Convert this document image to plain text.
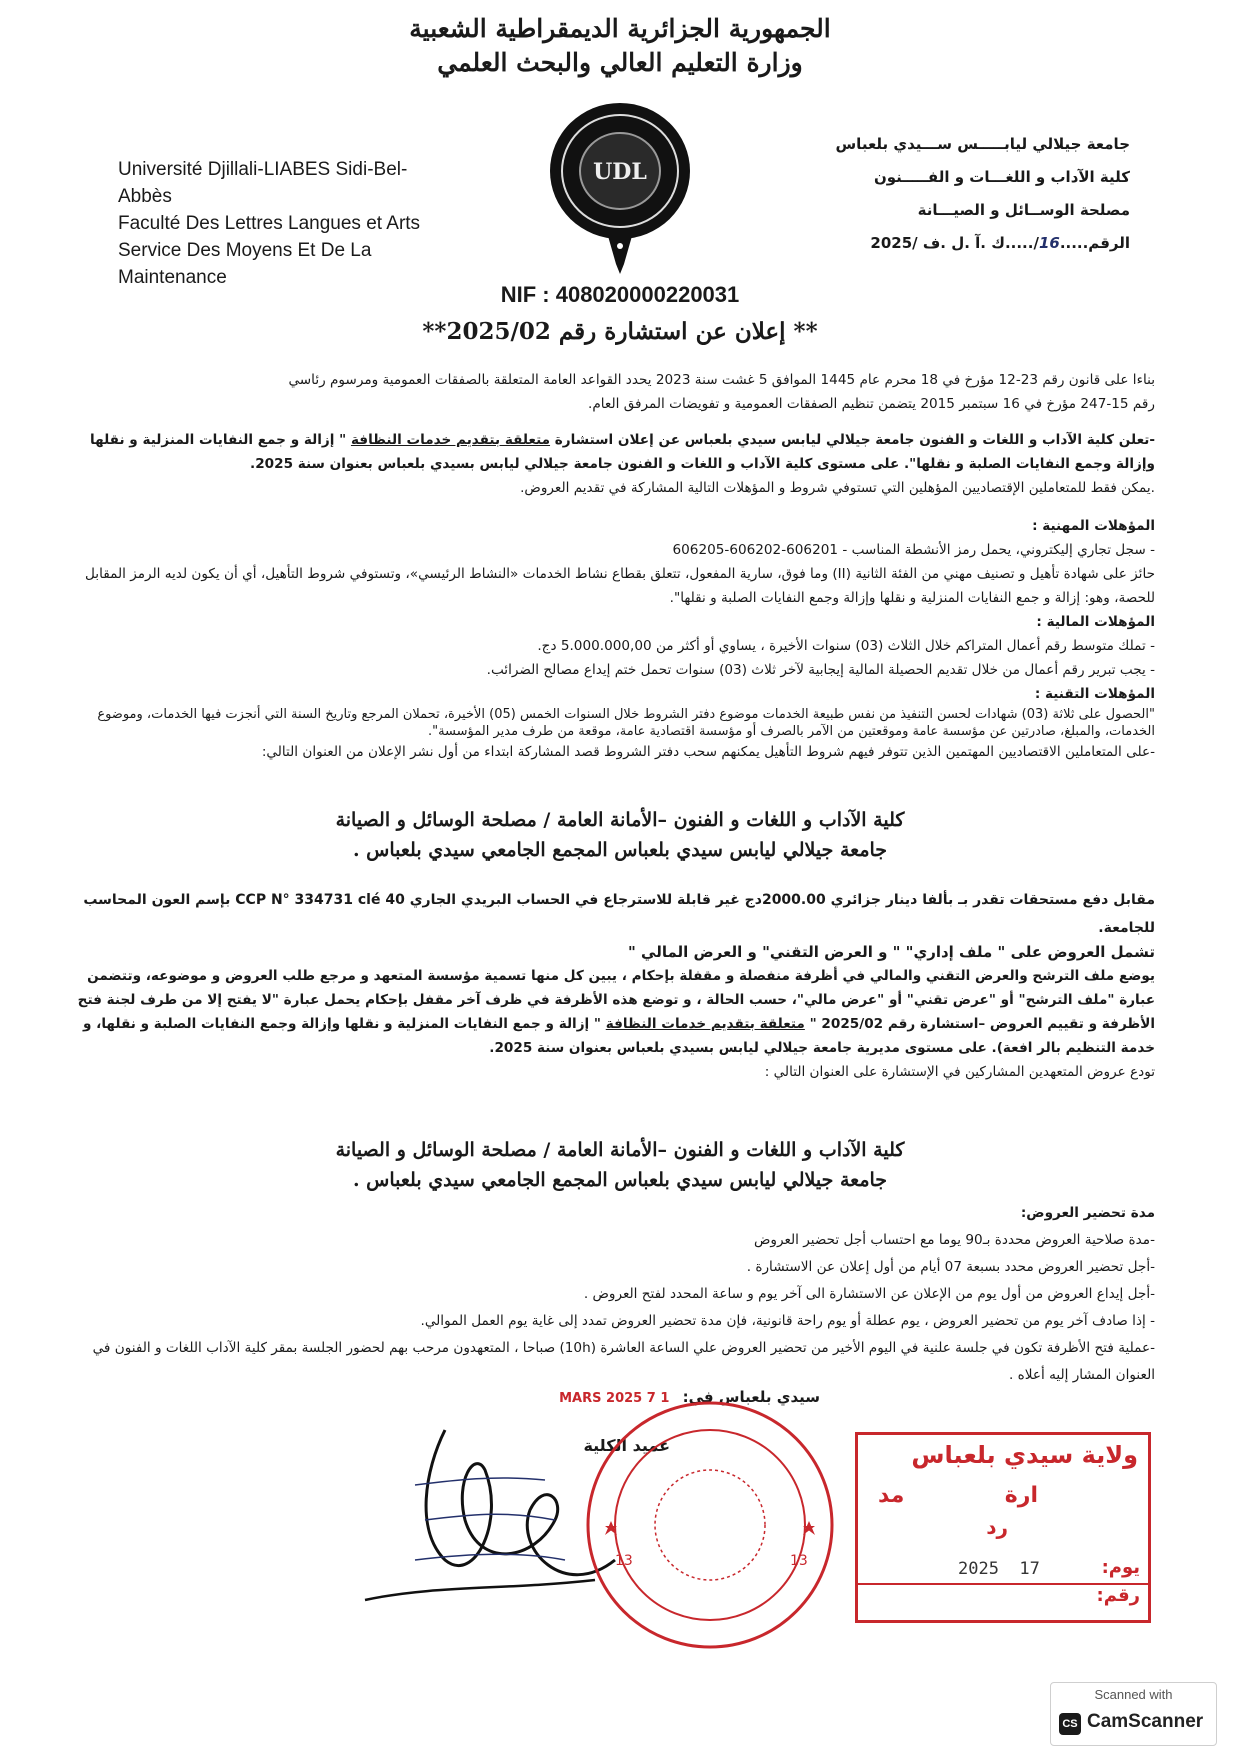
الجمهورية الجزائرية الديمقراطية الشعبية
وزارة التعليم العالي والبحث العلمي
Université Djillali-LIABES Sidi-Bel-Abbès
Faculté Des Lettres Langues et Arts
Service Des Moyens Et De La Maintenance
UDL
جامعة جيلالي ليابـــــس ســـيدي بلعباس
كلية الآداب و اللغـــات و الفـــــنون
مصلحة الوســائل و الصيـــانة
الرقم.....16/.....ك .آ .ل .ف /2025
NIF : 408020000220031
** إعلان عن استشارة رقم 2025/02**

بناءا على قانون رقم 23-12 مؤرخ في 18 محرم عام 1445 الموافق 5 غشت سنة 2023 يحدد القواعد العامة المتعلقة بالصفقات العمومية ومرسوم رئاسي

رقم 15-247 مؤرخ في 16 سبتمبر 2015 يتضمن تنظيم الصفقات العمومية و تفويضات المرفق العام.

-تعلن كلية الآداب و اللغات و الفنون جامعة جيلالي ليابس سيدي بلعباس عن إعلان استشارة متعلقة بتقديم خدمات النظافة " إزالة و جمع النفايات المنزلية و نقلها وإزالة وجمع النفايات الصلبة و نقلها". على مستوى كلية الآداب و اللغات و الفنون جامعة جيلالي ليابس بسيدي بلعباس بعنوان سنة 2025.

.يمكن فقط للمتعاملين الإقتصاديين المؤهلين التي تستوفي شروط و المؤهلات التالية المشاركة في تقديم العروض.

المؤهلات المهنية :

- سجل تجاري إليكتروني، يحمل رمز الأنشطة المناسب - 606201-606202-606205

حائز على شهادة تأهيل و تصنيف مهني من الفئة الثانية (II) وما فوق، سارية المفعول، تتعلق بقطاع نشاط الخدمات «النشاط الرئيسي»، وتستوفي شروط التأهيل، أي أن يكون لديه الرمز المقابل للحصة، وهو: إزالة و جمع النفايات المنزلية و نقلها وإزالة وجمع النفايات الصلبة و نقلها".

المؤهلات المالية :

- تملك متوسط رقم أعمال المتراكم خلال الثلاث (03) سنوات الأخيرة ، يساوي أو أكثر من 5.000.000,00 دج.

- يجب تبرير رقم أعمال من خلال تقديم الحصيلة المالية إيجابية لآخر ثلاث (03) سنوات تحمل ختم إيداع مصالح الضرائب.

المؤهلات التقنية :

"الحصول على ثلاثة (03) شهادات لحسن التنفيذ من نفس طبيعة الخدمات موضوع دفتر الشروط خلال السنوات الخمس (05) الأخيرة، تحملان المرجع وتاريخ السنة التي أنجزت فيها الخدمات، وموضوع الخدمات، والمبلغ، صادرتين عن مؤسسة عامة وموقعتين من الآمر بالصرف أو مؤسسة اقتصادية عامة، موقعة من طرف مدير المؤسسة".

-على المتعاملين الاقتصاديين المهتمين الذين تتوفر فيهم شروط التأهيل يمكنهم سحب دفتر الشروط قصد المشاركة ابتداء من أول نشر الإعلان من العنوان التالي:

كلية الآداب و اللغات و الفنون –الأمانة العامة / مصلحة الوسائل و الصيانة
جامعة جيلالي ليابس سيدي بلعباس المجمع الجامعي سيدي بلعباس .
مقابل دفع مستحقات تقدر بـ بألفا دينار جزائري 2000.00دج غير قابلة للاسترجاع في الحساب البريدي الجاري CCP N° 334731 clé 40 بإسم العون المحاسب للجامعة.

تشمل العروض على " ملف إداري" " و العرض التقني" و العرض المالي "

يوضع ملف الترشح والعرض التقني والمالي في أظرفة منفصلة و مقفلة بإحكام ، يبين كل منها تسمية مؤسسة المتعهد و مرجع طلب العروض و موضوعه، وتتضمن عبارة "ملف الترشح" أو "عرض تقني" أو "عرض مالي"، حسب الحالة ، و توضع هذه الأظرفة في ظرف آخر مقفل بإحكام يحمل عبارة "لا يفتح إلا من طرف لجنة فتح الأظرفة و تقييم العروض –استشارة رقم 2025/02 " متعلقة بتقديم خدمات النظافة " إزالة و جمع النفايات المنزلية و نقلها وإزالة وجمع النفايات الصلبة و نقلها، و خدمة التنظيم بالر افعة). على مستوى مديرية جامعة جيلالي ليابس بسيدي بلعباس بعنوان سنة 2025.

تودع عروض المتعهدين المشاركين في الإستشارة على العنوان التالي :

كلية الآداب و اللغات و الفنون –الأمانة العامة / مصلحة الوسائل و الصيانة
جامعة جيلالي ليابس سيدي بلعباس المجمع الجامعي سيدي بلعباس .

مدة تحضير العروض:

-مدة صلاحية العروض محددة بـ90 يوما مع احتساب أجل تحضير العروض

-أجل تحضير العروض محدد بسبعة 07 أيام من أول إعلان عن الاستشارة .

-أجل إيداع العروض من أول يوم من الإعلان عن الاستشارة الى آخر يوم و ساعة المحدد لفتح العروض .

- إذا صادف آخر يوم من تحضير العروض ، يوم عطلة أو يوم راحة قانونية، فإن مدة تحضير العروض تمدد إلى غاية يوم العمل الموالي.

-عملية فتح الأظرفة تكون في جلسة علنية في اليوم الأخير من تحضير العروض علي الساعة العاشرة (10h) صباحا ، المتعهدون مرحب بهم لحضور الجلسة بمقر كلية الآداب اللغات و الفنون في العنوان المشار إليه أعلاه .

سيدي بلعباس في: 1 7 MARS 2025
عميد الكلية
13	13
ولاية سيدي بلعباس
مد	ارة
رد
يوم:
رقم:
2025  17
Scanned with
CS CamScanner
